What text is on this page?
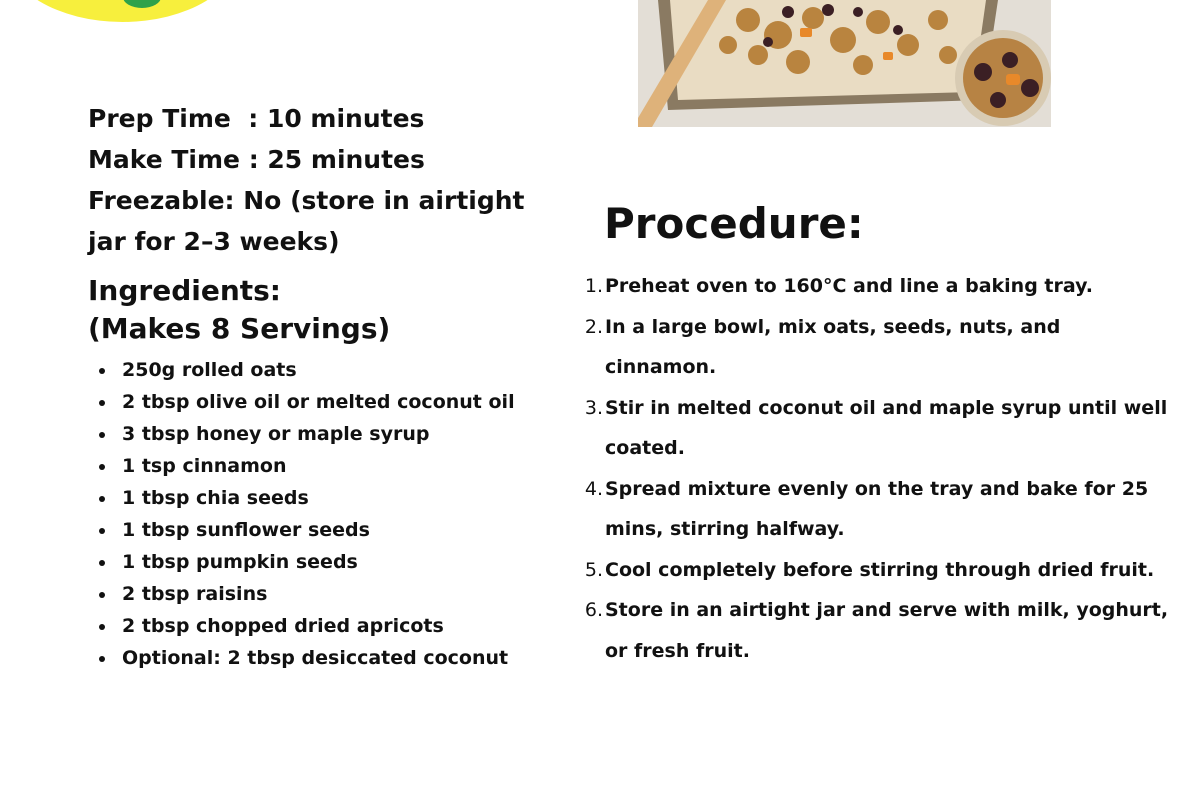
Prep Time  : 10 minutes
Make Time : 25 minutes
Freezable: No (store in airtight jar for 2–3 weeks)
Ingredients:
(Makes 8 Servings)
250g rolled oats
2 tbsp olive oil or melted coconut oil
3 tbsp honey or maple syrup
1 tsp cinnamon
1 tbsp chia seeds
1 tbsp sunflower seeds
1 tbsp pumpkin seeds
2 tbsp raisins
2 tbsp chopped dried apricots
Optional: 2 tbsp desiccated coconut
Procedure:
1. Preheat oven to 160°C and line a baking tray.
2. In a large bowl, mix oats, seeds, nuts, and cinnamon.
3. Stir in melted coconut oil and maple syrup until well coated.
4. Spread mixture evenly on the tray and bake for 25 mins, stirring halfway.
5. Cool completely before stirring through dried fruit.
6. Store in an airtight jar and serve with milk, yoghurt, or fresh fruit.
